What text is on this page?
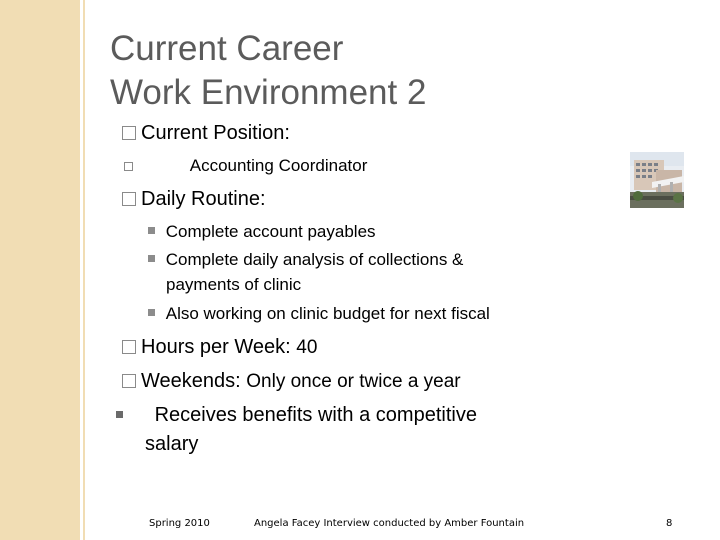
Current Career
Work Environment 2
Current Position:
Accounting Coordinator
Daily Routine:
Complete account payables
Complete daily analysis of collections &
payments of clinic
Also working on clinic budget for next fiscal
Hours per Week: 40
Weekends: Only once or twice a year
Receives benefits with a competitive
salary
Spring 2010	Angela Facey Interview conducted by Amber Fountain	8
